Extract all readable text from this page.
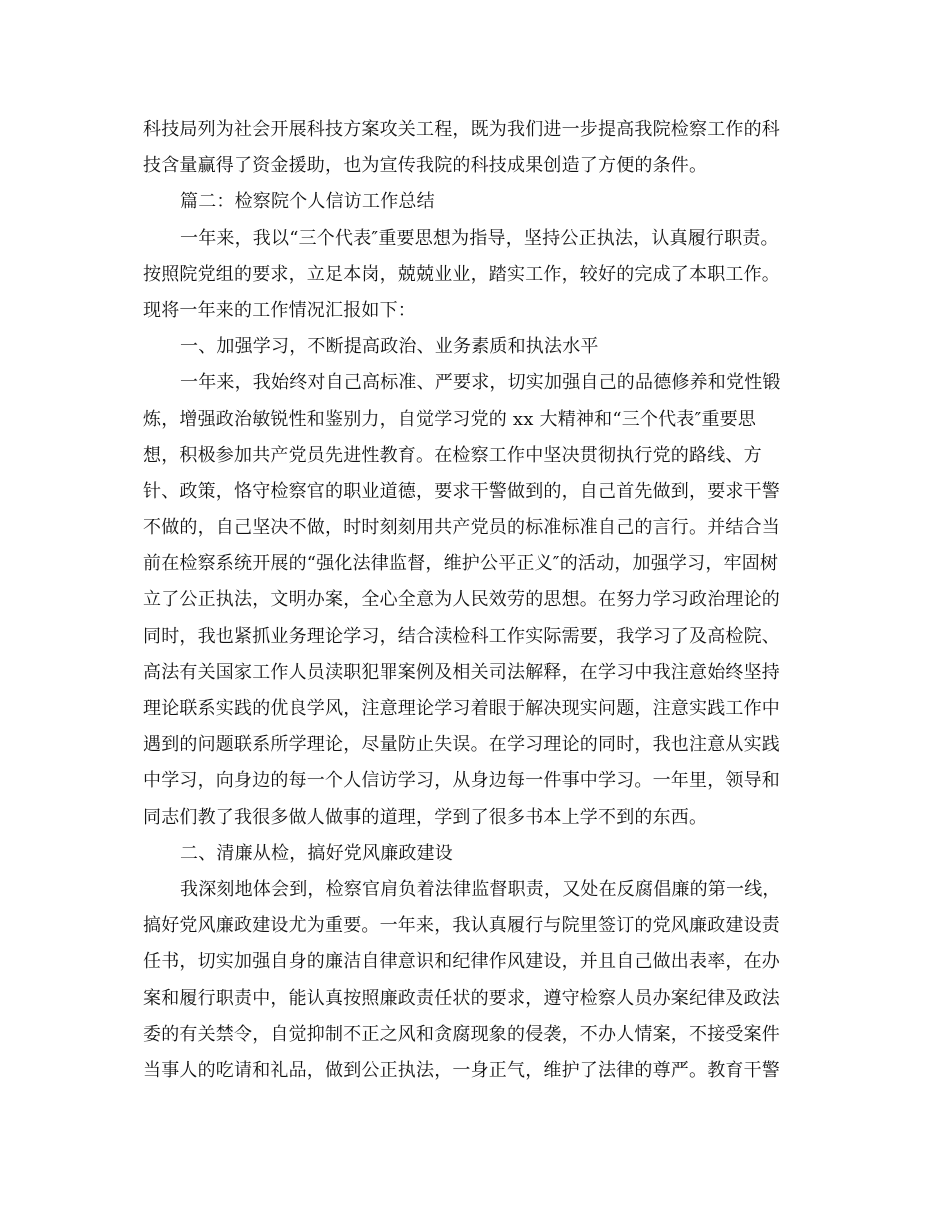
科技局列为社会开展科技方案攻关工程，既为我们进一步提高我院检察工作的科
技含量赢得了资金援助，也为宣传我院的科技成果创造了方便的条件。
篇二：检察院个人信访工作总结
一年来，我以“三个代表″重要思想为指导，坚持公正执法，认真履行职责。
按照院党组的要求，立足本岗，兢兢业业，踏实工作，较好的完成了本职工作。
现将一年来的工作情况汇报如下：
一、加强学习，不断提高政治、业务素质和执法水平
一年来，我始终对自己高标准、严要求，切实加强自己的品德修养和党性锻
炼，增强政治敏锐性和鉴别力，自觉学习党的 xx 大精神和“三个代表″重要思
想，积极参加共产党员先进性教育。在检察工作中坚决贯彻执行党的路线、方
针、政策，恪守检察官的职业道德，要求干警做到的，自己首先做到，要求干警
不做的，自己坚决不做，时时刻刻用共产党员的标准标准自己的言行。并结合当
前在检察系统开展的“强化法律监督，维护公平正义″的活动，加强学习，牢固树
立了公正执法，文明办案，全心全意为人民效劳的思想。在努力学习政治理论的
同时，我也紧抓业务理论学习，结合渎检科工作实际需要，我学习了及高检院、
高法有关国家工作人员渎职犯罪案例及相关司法解释，在学习中我注意始终坚持
理论联系实践的优良学风，注意理论学习着眼于解决现实问题，注意实践工作中
遇到的问题联系所学理论，尽量防止失误。在学习理论的同时，我也注意从实践
中学习，向身边的每一个人信访学习，从身边每一件事中学习。一年里，领导和
同志们教了我很多做人做事的道理，学到了很多书本上学不到的东西。
二、清廉从检，搞好党风廉政建设
我深刻地体会到，检察官肩负着法律监督职责，又处在反腐倡廉的第一线，
搞好党风廉政建设尤为重要。一年来，我认真履行与院里签订的党风廉政建设责
任书，切实加强自身的廉洁自律意识和纪律作风建设，并且自己做出表率，在办
案和履行职责中，能认真按照廉政责任状的要求，遵守检察人员办案纪律及政法
委的有关禁令，自觉抑制不正之风和贪腐现象的侵袭，不办人情案，不接受案件
当事人的吃请和礼品，做到公正执法，一身正气，维护了法律的尊严。教育干警
